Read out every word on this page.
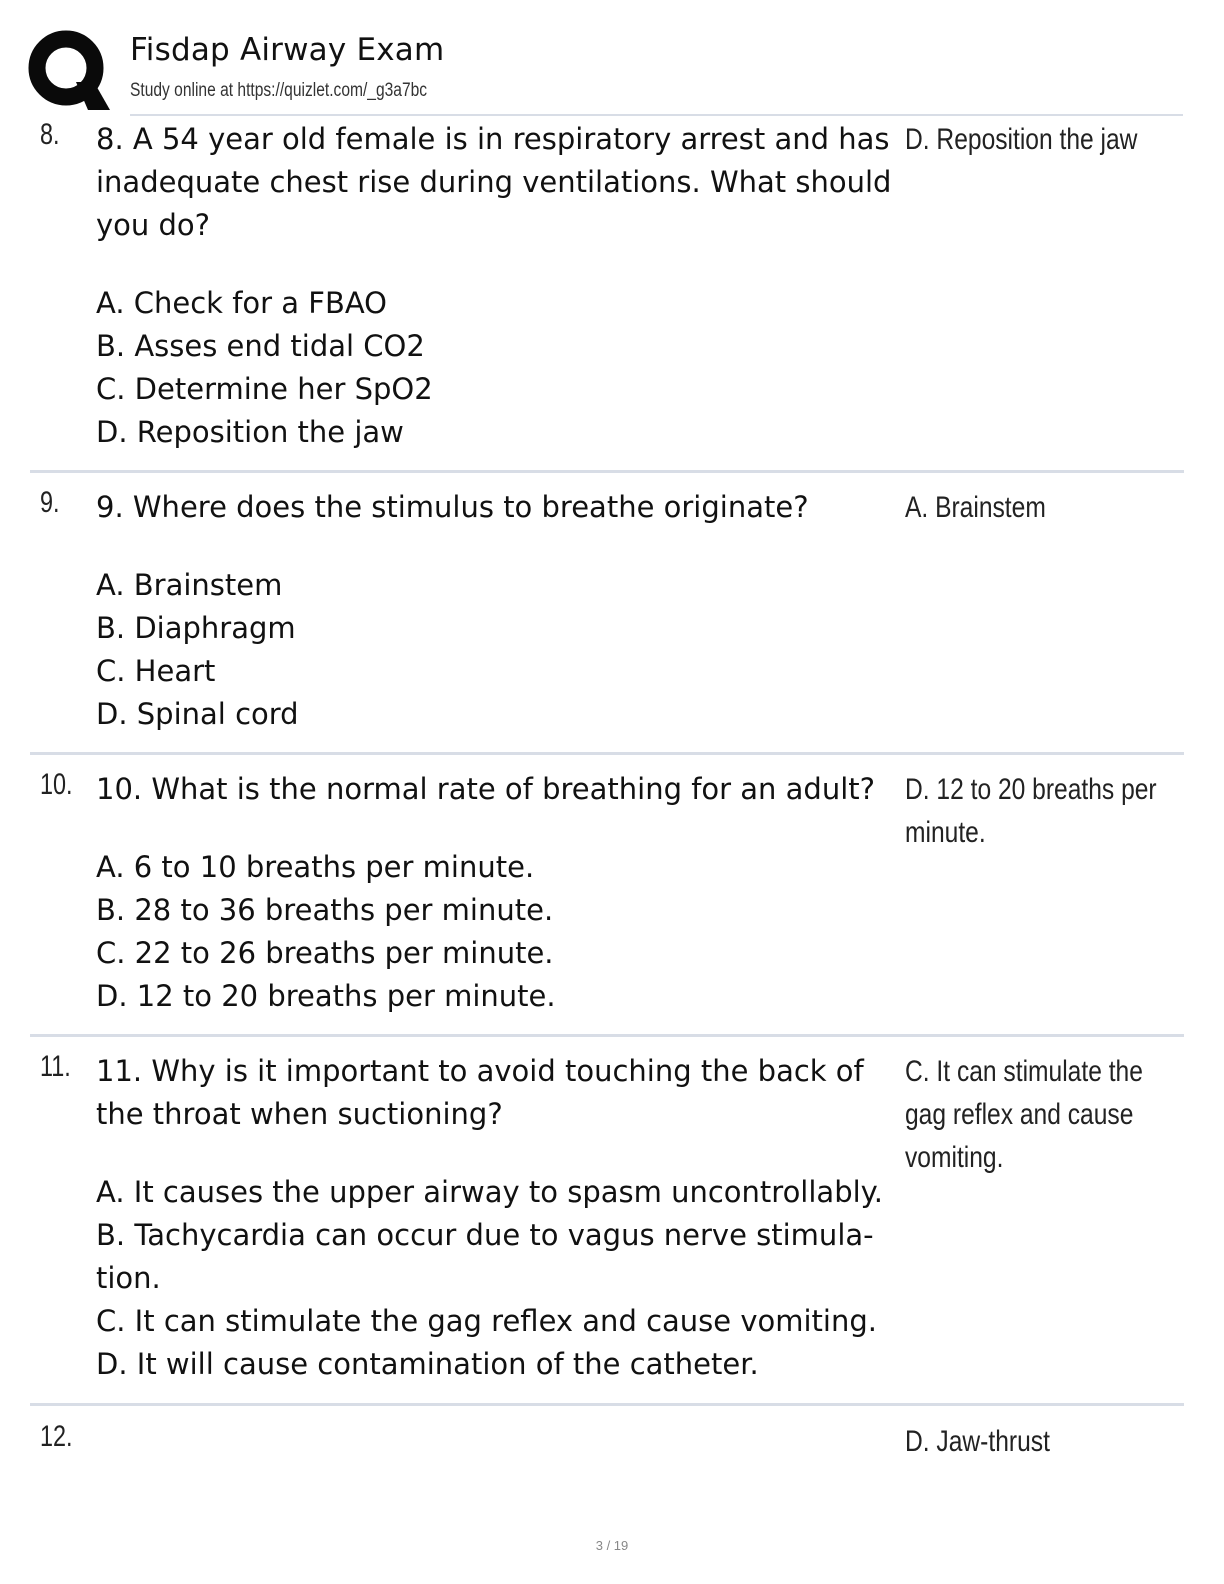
Fisdap Airway Exam
Study online at https://quizlet.com/_g3a7bc
8. 8. A 54 year old female is in respiratory arrest and has inadequate chest rise during ventilations. What should you do?

A. Check for a FBAO

B. Asses end tidal CO2

C. Determine her SpO2

D. Reposition the jaw

D. Reposition the jaw
9. 9. Where does the stimulus to breathe originate?

A. Brainstem

B. Diaphragm

C. Heart

D. Spinal cord

A. Brainstem
10. 10. What is the normal rate of breathing for an adult?

A. 6 to 10 breaths per minute.

B. 28 to 36 breaths per minute.

C. 22 to 26 breaths per minute.

D. 12 to 20 breaths per minute.

D. 12 to 20 breaths per minute.
11. 11. Why is it important to avoid touching the back of the throat when suctioning?

A. It causes the upper airway to spasm uncontrollably.

B. Tachycardia can occur due to vagus nerve stimula-tion.

C. It can stimulate the gag reflex and cause vomiting.

D. It will cause contamination of the catheter.

C. It can stimulate the gag reflex and cause vomiting.
12.	D. Jaw-thrust
3 / 19
